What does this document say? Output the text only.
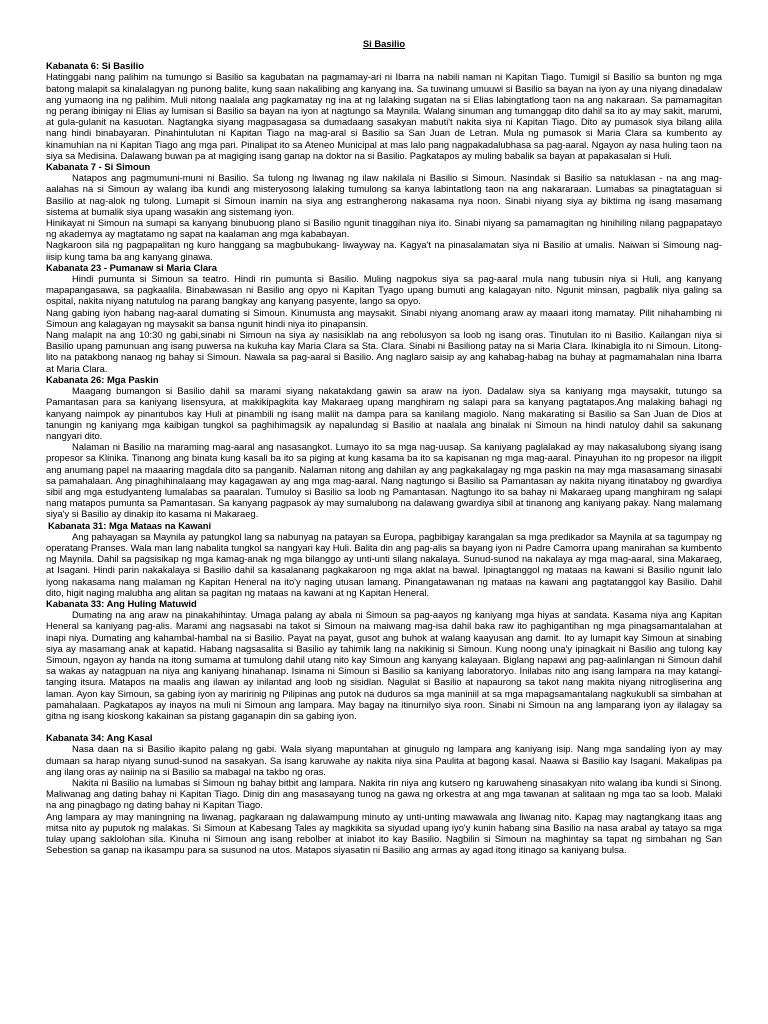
Si Basilio
Kabanata 6: Si Basilio

Hatinggabi nang palihim na tumungo si Basilio sa kagubatan na pagmamay-ari ni Ibarra na nabili naman ni Kapitan Tiago. Tumigil si Basilio sa bunton ng mga batong malapit sa kinalalagyan ng punong balite, kung saan nakalibing ang kanyang ina. Sa tuwinang umuuwi si Basilio sa bayan na iyon ay una niyang dinadalaw ang yumaong ina ng palihim. Muli nitong naalala ang pagkamatay ng ina at ng lalaking sugatan na si Elias labingtatlong taon na ang nakaraan. Sa pamamagitan ng perang ibinigay ni Elias ay lumisan si Basilio sa bayan na iyon at nagtungo sa Maynila. Walang sinuman ang tumanggap dito dahil sa ito ay may sakit, marumi, at gula-gulanit na kasuotan. Nagtangka siyang magpasagasa sa dumadaang sasakyan mabuti't nakita siya ni Kapitan Tiago. Dito ay pumasok siya bilang alila nang hindi binabayaran. Pinahintulutan ni Kapitan Tiago na mag-aral si Basilio sa San Juan de Letran. Mula ng pumasok si Maria Clara sa kumbento ay kinamuhian na ni Kapitan Tiago ang mga pari. Pinalipat ito sa Ateneo Municipal at mas lalo pang nagpakadalubhasa sa pag-aaral. Ngayon ay nasa huling taon na siya sa Medisina. Dalawang buwan pa at magiging isang ganap na doktor na si Basilio. Pagkatapos ay muling babalik sa bayan at papakasalan si Huli.

Kabanata 7 - Si Simoun

Natapos ang pagmumuni-muni ni Basilio. Sa tulong ng liwanag ng ilaw nakilala ni Basilio si Simoun. Nasindak si Basilio sa natuklasan - na ang mag- aalahas na si Simoun ay walang iba kundi ang misteryosong lalaking tumulong sa kanya labintatlong taon na ang nakararaan. Lumabas sa pinagtataguan si Basilio at nag-alok ng tulong. Lumapit si Simoun inamin na siya ang estrangherong nakasama nya noon. Sinabi niyang siya ay biktima ng isang masamang sistema at bumalik siya upang wasakin ang sistemang iyon.

Hinikayat ni Simoun na sumapi sa kanyang binubuong plano si Basilio ngunit tinaggihan niya ito. Sinabi niyang sa pamamagitan ng hinihiling nilang pagpapatayo ng akademya ay magtatamo ng sapat na kaalaman ang mga kababayan.

Nagkaroon sila ng pagpapalitan ng kuro hanggang sa magbubukang- liwayway na. Kagya't na pinasalamatan siya ni Basilio at umalis. Naiwan si Simoung nag-iisip kung tama ba ang kanyang ginawa.

Kabanata 23 - Pumanaw si Maria Clara

Hindi pumunta si Simoun sa teatro. Hindi rin pumunta si Basilio. Muling nagpokus siya sa pag-aaral mula nang tubusin niya si Huli, ang kanyang mapapangasawa, sa pagkaalila. Binabawasan ni Basilio ang opyo ni Kapitan Tyago upang bumuti ang kalagayan nito. Ngunit minsan, pagbalik niya galing sa ospital, nakita niyang natutulog na parang bangkay ang kanyang pasyente, lango sa opyo.

Nang gabing iyon habang nag-aaral dumating si Simoun. Kinumusta ang maysakit. Sinabi niyang anomang araw ay maaari itong mamatay. Pilit nihahambing ni Simoun ang kalagayan ng maysakit sa bansa ngunit hindi niya ito pinapansin.

Nang malapit na ang 10:30 ng gabi,sinabi ni Simoun na siya ay nasisiklab na ang rebolusyon sa loob ng isang oras. Tinutulan ito ni Basilio. Kailangan niya si Basilio upang pamunuan ang isang puwersa na kukuha kay Maria Clara sa Sta. Clara. Sinabi ni Basiliong patay na si Maria Clara. Ikinabigla ito ni Simoun. Litong-lito na patakbong nanaog ng bahay si Simoun. Nawala sa pag-aaral si Basilio. Ang naglaro saisip ay ang kahabag-habag na buhay at pagmamahalan nina Ibarra at Maria Clara.

Kabanata 26: Mga Paskin

Maagang bumangon si Basilio dahil sa marami siyang nakatakdang gawin sa araw na iyon. Dadalaw siya sa kaniyang mga maysakit, tutungo sa Pamantasan para sa kaniyang lisensyura, at makikipagkita kay Makaraeg upang manghiram ng salapi para sa kanyang pagtatapos.Ang malaking bahagi ng kanyang naimpok ay pinantubos kay Huli at pinambili ng isang maliit na dampa para sa kanilang magiolo. Nang makarating si Basilio sa San Juan de Dios at tanungin ng kaniyang mga kaibigan tungkol sa paghihimagsik ay napalundag si Basilio at naalala ang binalak ni Simoun na hindi natuloy dahil sa sakunang nangyari dito.

Nalaman ni Basilio na maraming mag-aaral ang nasasangkot. Lumayo ito sa mga nag-uusap. Sa kaniyang paglalakad ay may nakasalubong siyang isang propesor sa Klinika. Tinanong ang binata kung kasali ba ito sa piging at kung kasama ba ito sa kapisanan ng mga mag-aaral. Pinayuhan ito ng propesor na iligpit ang anumang papel na maaaring magdala dito sa panganib. Nalaman nitong ang dahilan ay ang pagkakalagay ng mga paskin na may mga masasamang sinasabi sa pamahalaan. Ang pinaghihinalaang may kagagawan ay ang mga mag-aaral. Nang nagtungo si Basilio sa Pamantasan ay nakita niyang itinataboy ng gwardiya sibil ang mga estudyanteng lumalabas sa paaralan. Tumuloy si Basilio sa loob ng Pamantasan. Nagtungo ito sa bahay ni Makaraeg upang manghiram ng salapi nang matapos pumunta sa Pamantasan. Sa kanyang pagpasok ay may sumalubong na dalawang gwardiya sibil at tinanong ang kaniyang pakay. Nang malamang siya'y si Basilio ay dinakip ito kasama ni Makaraeg.

Kabanata 31: Mga Mataas na Kawani

Ang pahayagan sa Maynila ay patungkol lang sa nabunyag na patayan sa Europa, pagbibigay karangalan sa mga predikador sa Maynila at sa tagumpay ng operatang Pranses. Wala man lang nabalita tungkol sa nangyari kay Huli. Balita din ang pag-alis sa bayang iyon ni Padre Camorra upang manirahan sa kumbento ng Maynila. Dahil sa pagsisikap ng mga kamag-anak ng mga bilanggo ay unti-unti silang nakalaya. Sunud-sunod na nakalaya ay mga mag-aaral, sina Makaraeg, at Isagani. Hindi parin nakakalaya si Basilio dahil sa kasalanang pagkakaroon ng mga aklat na bawal. Ipinagtanggol ng mataas na kawani si Basilio ngunit lalo iyong nakasama nang malaman ng Kapitan Heneral na ito'y naging utusan lamang. Pinangatawanan ng mataas na kawani ang pagtatanggol kay Basilio. Dahil dito, higit naging malubha ang alitan sa pagitan ng mataas na kawani at ng Kapitan Heneral.

Kabanata 33: Ang Huling Matuwid

Dumating na ang araw na pinakahihintay. Umaga palang ay abala ni Simoun sa pag-aayos ng kaniyang mga hiyas at sandata. Kasama niya ang Kapitan Heneral sa kaniyang pag-alis. Marami ang nagsasabi na takot si Simoun na maiwang mag-isa dahil baka raw ito paghigantihan ng mga pinagsamantalahan at inapi niya. Dumating ang kahambal-hambal na si Basilio. Payat na payat, gusot ang buhok at walang kaayusan ang damit. Ito ay lumapit kay Simoun at sinabing siya ay masamang anak at kapatid. Habang nagsasalita si Basilio ay tahimik lang na nakikinig si Simoun. Kung noong una'y ipinagkait ni Basilio ang tulong kay Simoun, ngayon ay handa na itong sumama at tumulong dahil utang nito kay Simoun ang kanyang kalayaan. Biglang napawi ang pag-aalinlangan ni Simoun dahil sa wakas ay natagpuan na niya ang kaniyang hinahanap. Isinama ni Simoun si Basilio sa kaniyang laboratoryo. Inilabas nito ang isang lampara na may katangi-tanging itsura. Matapos na maalis ang ilawan ay inilantad ang loob ng sisidlan. Nagulat si Basilio at napaurong sa takot nang makita niyang nitrogliserina ang laman. Ayon kay Simoun, sa gabing iyon ay maririnig ng Pilipinas ang putok na duduros sa mga maniniil at sa mga mapagsamantalang nagkukubli sa simbahan at pamahalaan. Pagkatapos ay inayos na muli ni Simoun ang lampara. May bagay na itinurnilyo siya roon. Sinabi ni Simoun na ang lamparang iyon ay ilalagay sa gitna ng isang kioskong kakainan sa pistang gaganapin din sa gabing iyon.

Kabanata 34: Ang Kasal

Nasa daan na si Basilio ikapito palang ng gabi. Wala siyang mapuntahan at ginugulo ng lampara ang kaniyang isip. Nang mga sandaling iyon ay may dumaan sa harap niyang sunud-sunod na sasakyan. Sa isang karuwahe ay nakita niya sina Paulita at bagong kasal. Naawa si Basilio kay Isagani. Makalipas pa ang ilang oras ay naiinip na si Basilio sa mabagal na takbo ng oras.

Nakita ni Basilio na lumabas si Simoun ng bahay bitbit ang lampara. Nakita rin niya ang kutsero ng karuwaheng sinasakyan nito walang iba kundi si Sinong. Maliwanag ang dating bahay ni Kapitan Tiago. Dinig din ang masasayang tunog na gawa ng orkestra at ang mga tawanan at salitaan ng mga tao sa loob. Malaki na ang pinagbago ng dating bahay ni Kapitan Tiago.

Ang lampara ay may maningning na liwanag, pagkaraan ng dalawampung minuto ay unti-unting mawawala ang liwanag nito. Kapag may nagtangkang itaas ang mitsa nito ay puputok ng malakas. Si Simoun at Kabesang Tales ay magkikita sa siyudad upang iyo'y kunin habang sina Basilio na nasa arabal ay tatayo sa mga tulay upang saklolohan sila. Kinuha ni Simoun ang isang rebolber at iniabot ito kay Basilio. Nagbilin si Simoun na maghintay sa tapat ng simbahan ng San Sebestion sa ganap na ikasampu para sa susunod na utos. Matapos siyasatin ni Basilio ang armas ay agad itong itinago sa kaniyang bulsa.
